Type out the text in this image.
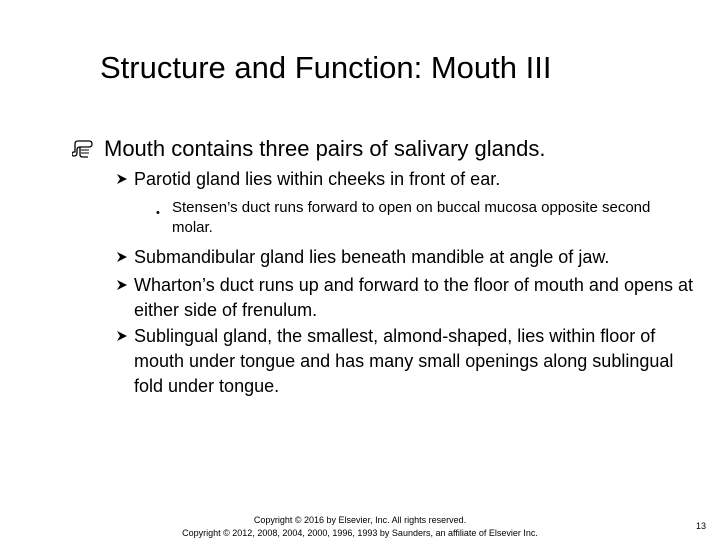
Structure and Function: Mouth III
Mouth contains three pairs of salivary glands.
Parotid gland lies within cheeks in front of ear.
• Stensen’s duct runs forward to open on buccal mucosa opposite second molar.
Submandibular gland lies beneath mandible at angle of jaw.
Wharton’s duct runs up and forward to the floor of mouth and opens at either side of frenulum.
Sublingual gland, the smallest, almond-shaped, lies within floor of mouth under tongue and has many small openings along sublingual fold under tongue.
Copyright © 2016 by Elsevier, Inc. All rights reserved.
Copyright © 2012, 2008, 2004, 2000, 1996, 1993 by Saunders, an affiliate of Elsevier Inc.
13
